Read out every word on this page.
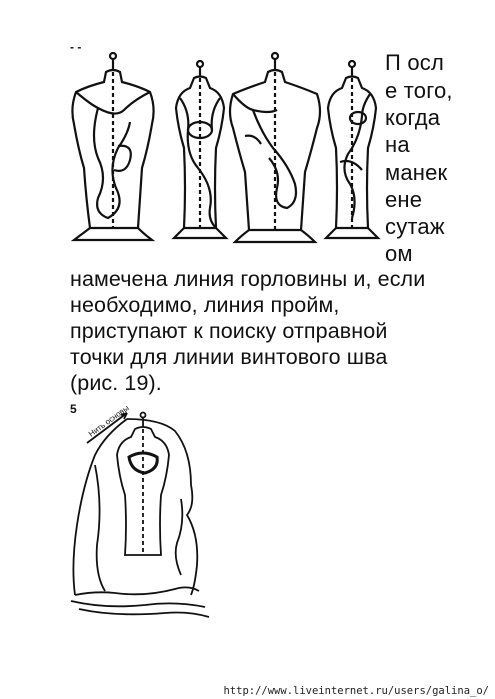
- -
П осл
е того,
когда
на
манек
ене
сутаж
ом
намечена линия горловины и, если
необходимо, линия пройм,
приступают к поиску отправной
точки для линии винтового шва
(рис. 19).
5 Нить основы
http://www.liveinternet.ru/users/galina_o/
